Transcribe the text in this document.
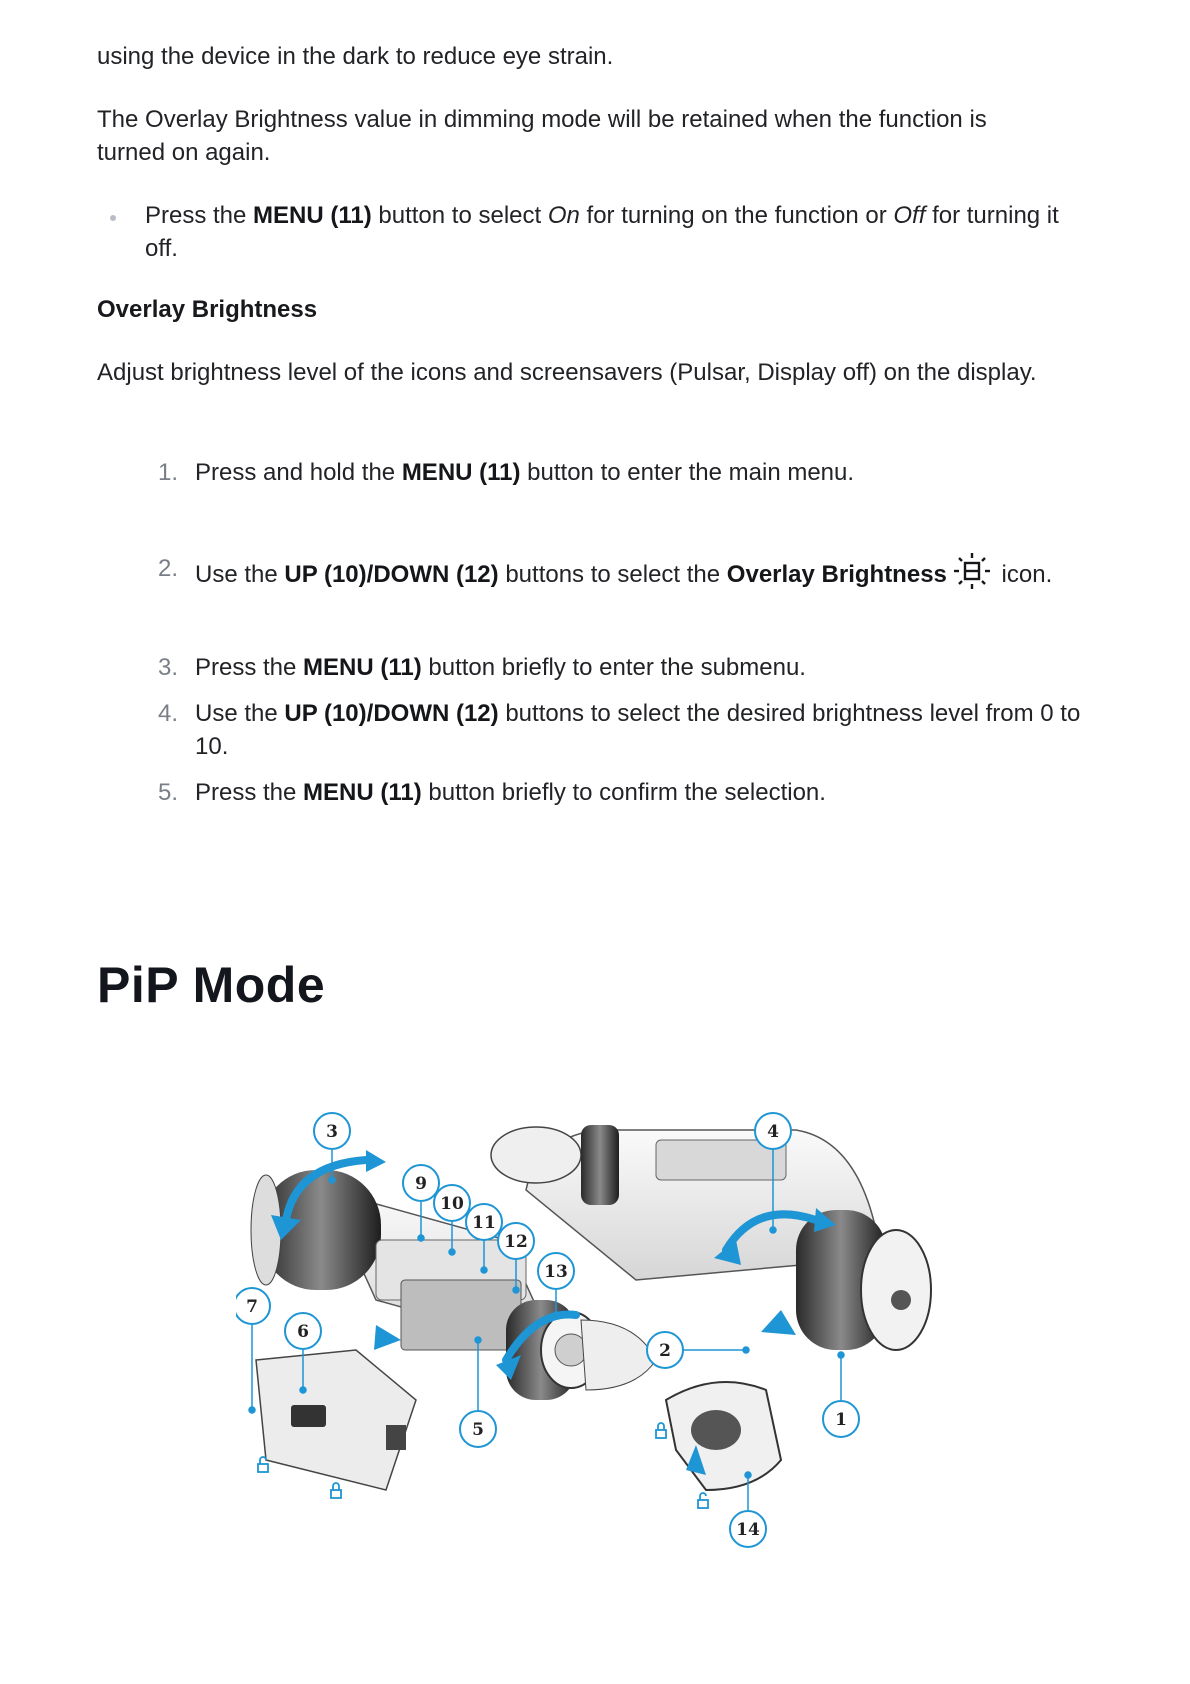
using the device in the dark to reduce eye strain.

The Overlay Brightness value in dimming mode will be retained when the function is turned on again.

Press the MENU (11) button to select On for turning on the function or Off for turning it off.

Overlay Brightness

Adjust brightness level of the icons and screensavers (Pulsar, Display off) on the display.

1. Press and hold the MENU (11) button to enter the main menu.
2. Use the UP (10)/DOWN (12) buttons to select the Overlay Brightness icon.
3. Press the MENU (11) button briefly to enter the submenu.
4. Use the UP (10)/DOWN (12) buttons to select the desired brightness level from 0 to 10.
5. Press the MENU (11) button briefly to confirm the selection.
PiP Mode
3	4
9
10
11
12
13
7
6
5
2
1
14
